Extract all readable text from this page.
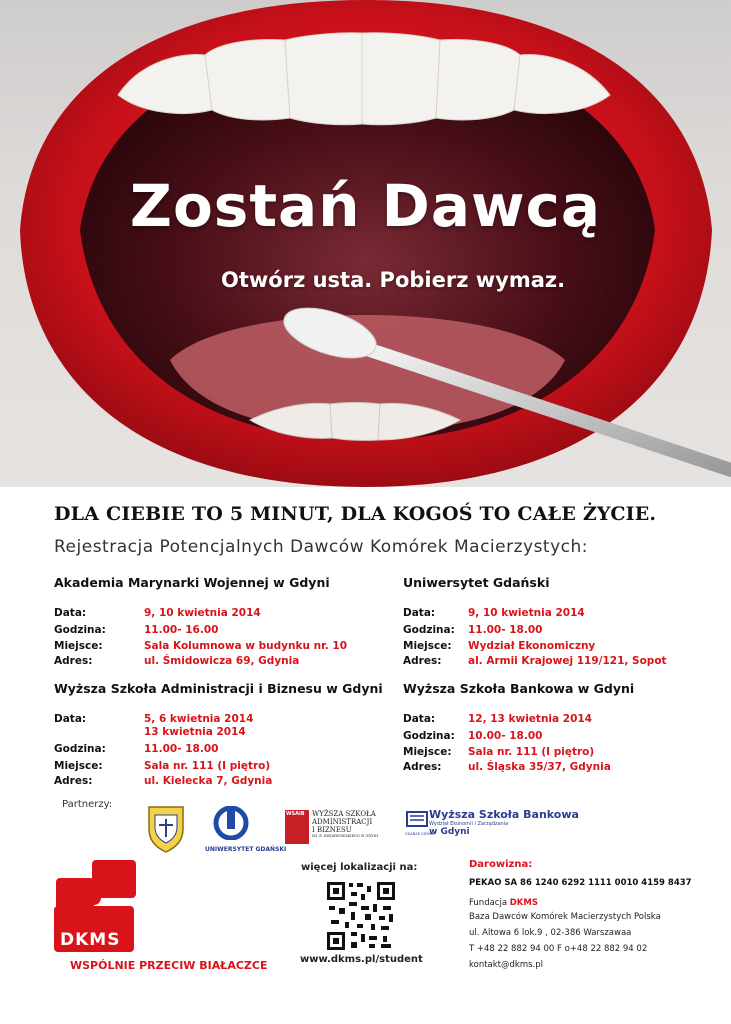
Zostań Dawcą
Otwórz usta. Pobierz wymaz.
DLA CIEBIE TO 5 MINUT, DLA KOGOŚ TO CAŁE ŻYCIE.
Rejestracja Potencjalnych Dawców Komórek Macierzystych:
Akademia Marynarki Wojennej w Gdyni
Data:	9, 10 kwietnia 2014
Godzina:	11.00- 16.00
Miejsce:	Sala Kolumnowa w budynku nr. 10
Adres:	ul. Śmidowicza 69, Gdynia
Uniwersytet Gdański
Data:	9, 10 kwietnia 2014
Godzina: 11.00- 18.00
Miejsce: Wydział Ekonomiczny
Adres:	al. Armii Krajowej 119/121, Sopot
Wyższa Szkoła Administracji i Biznesu w Gdyni
Data:	5, 6 kwietnia 2014
13 kwietnia 2014
Godzina:	11.00- 18.00
Miejsce:	Sala nr. 111 (I piętro)
Adres:	ul. Kielecka 7, Gdynia
Wyższa Szkoła Bankowa w Gdyni
Data:	12, 13 kwietnia 2014
Godzina: 10.00- 18.00
Miejsce: Sala nr. 111 (I piętro)
Adres:	ul. Śląska 35/37, Gdynia
Partnerzy:
UNIWERSYTET GDAŃSKI
WSAiB WYŻSZA SZKOŁA
ADMINISTRACJI
I BIZNESU
IM. E. KWIATKOWSKIEGO W GDYNI	GDAŃSK GDYNIA
Wyższa Szkoła Bankowa
Wydział Ekonomii i Zarządzania
w Gdyni
DKMS
WSPÓLNIE PRZECIW BIAŁACZCE
więcej lokalizacji na:
www.dkms.pl/student
Darowizna:
PEKAO SA 86 1240 6292 1111 0010 4159 8437
Fundacja DKMS
Baza Dawców Komórek Macierzystych Polska
ul. Altowa 6 lok.9 , 02-386 Warszawaa
T +48 22 882 94 00 F o+48 22 882 94 02
kontakt@dkms.pl
